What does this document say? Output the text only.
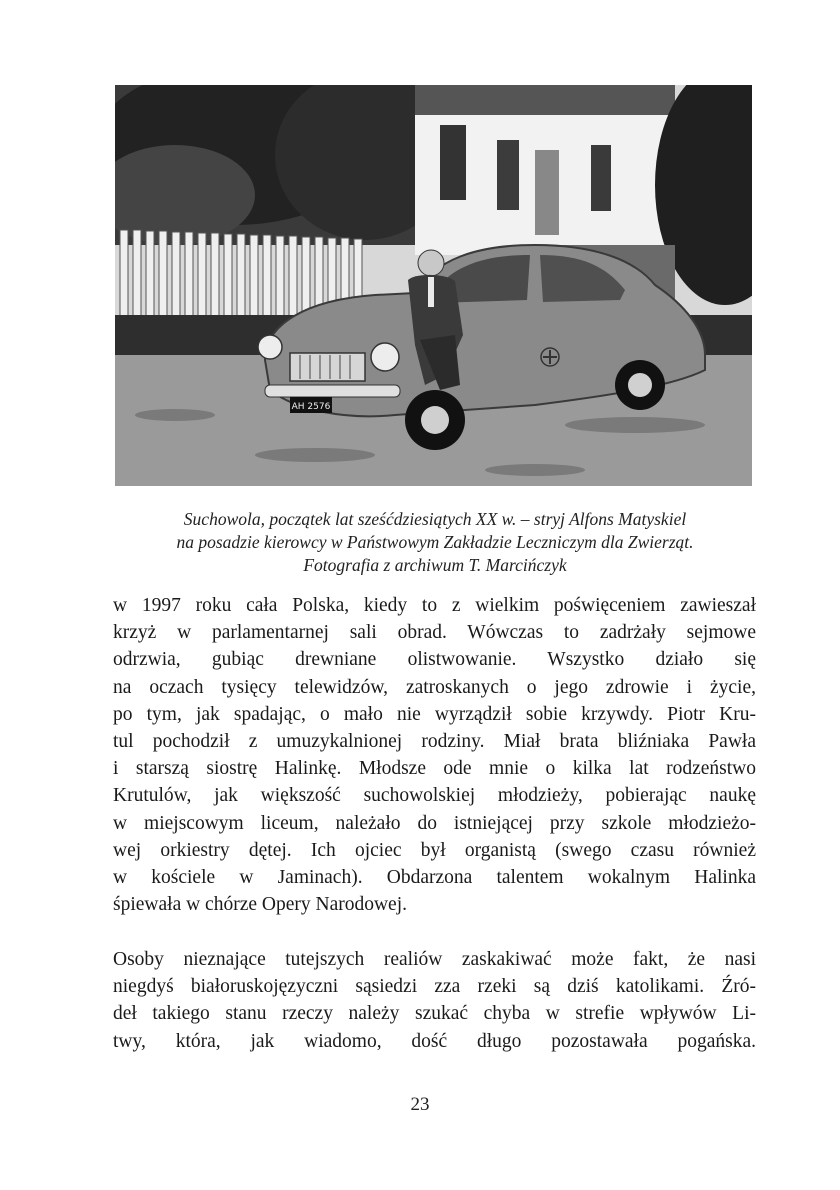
AH 2576
Suchowola, początek lat sześćdziesiątych XX w. – stryj Alfons Matyskiel
na posadzie kierowcy w Państwowym Zakładzie Leczniczym dla Zwierząt.
Fotografia z archiwum T. Marcińczyk
w 1997 roku cała Polska, kiedy to z wielkim poświęceniem zawieszał
krzyż w parlamentarnej sali obrad. Wówczas to zadrżały sejmowe
odrzwia, gubiąc drewniane olistwowanie. Wszystko działo się
na oczach tysięcy telewidzów, zatroskanych o jego zdrowie i życie,
po tym, jak spadając, o mało nie wyrządził sobie krzywdy. Piotr Kru-
tul pochodził z umuzykalnionej rodziny. Miał brata bliźniaka Pawła
i starszą siostrę Halinkę. Młodsze ode mnie o kilka lat rodzeństwo
Krutulów, jak większość suchowolskiej młodzieży, pobierając naukę
w miejscowym liceum, należało do istniejącej przy szkole młodzieżo-
wej orkiestry dętej. Ich ojciec był organistą (swego czasu również
w kościele w Jaminach). Obdarzona talentem wokalnym Halinka
śpiewała w chórze Opery Narodowej.
Osoby nieznające tutejszych realiów zaskakiwać może fakt, że nasi
niegdyś białoruskojęzyczni sąsiedzi zza rzeki są dziś katolikami. Źró-
deł takiego stanu rzeczy należy szukać chyba w strefie wpływów Li-
twy, która, jak wiadomo, dość długo pozostawała pogańska.
23
